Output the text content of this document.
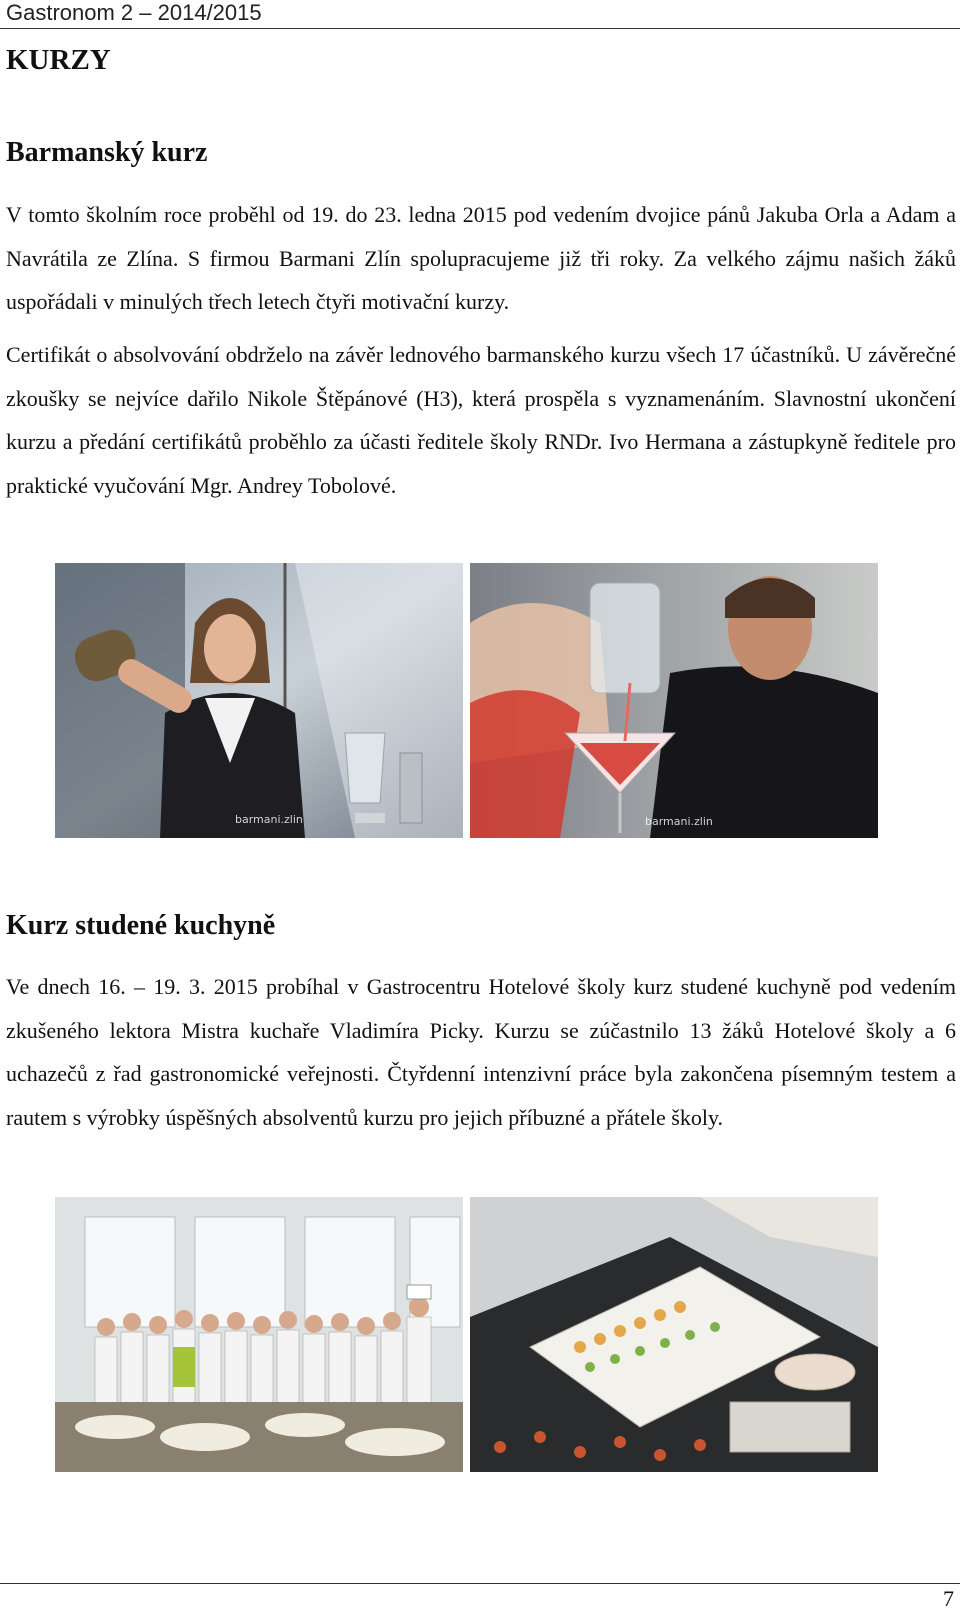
Gastronom 2 – 2014/2015
KURZY
Barmanský kurz

V tomto školním roce proběhl od 19. do 23. ledna 2015 pod vedením dvojice pánů Jakuba Orla a Adam a Navrátila ze Zlína. S firmou Barmani Zlín spolupracujeme již tři roky. Za velkého zájmu našich žáků uspořádali v minulých třech letech čtyři motivační kurzy.

Certifikát o absolvování obdrželo na závěr lednového barmanského kurzu všech 17 účastníků. U závěrečné zkoušky se nejvíce dařilo Nikole Štěpánové (H3), která prospěla s vyznamenáním. Slavnostní ukončení kurzu a předání certifikátů proběhlo za účasti ředitele školy RNDr. Ivo Hermana a zástupkyně ředitele pro praktické vyučování Mgr. Andrey Tobolové.

barmani.zlin	barmani.zlin
Kurz studené kuchyně

Ve dnech 16. – 19. 3. 2015 probíhal v Gastrocentru Hotelové školy kurz studené kuchyně pod vedením zkušeného lektora Mistra kuchaře Vladimíra Picky. Kurzu se zúčastnilo 13 žáků Hotelové školy a 6 uchazečů z řad gastronomické veřejnosti. Čtyřdenní intenzivní práce byla zakončena písemným testem a rautem s výrobky úspěšných absolventů kurzu pro jejich příbuzné a přátele školy.

7
